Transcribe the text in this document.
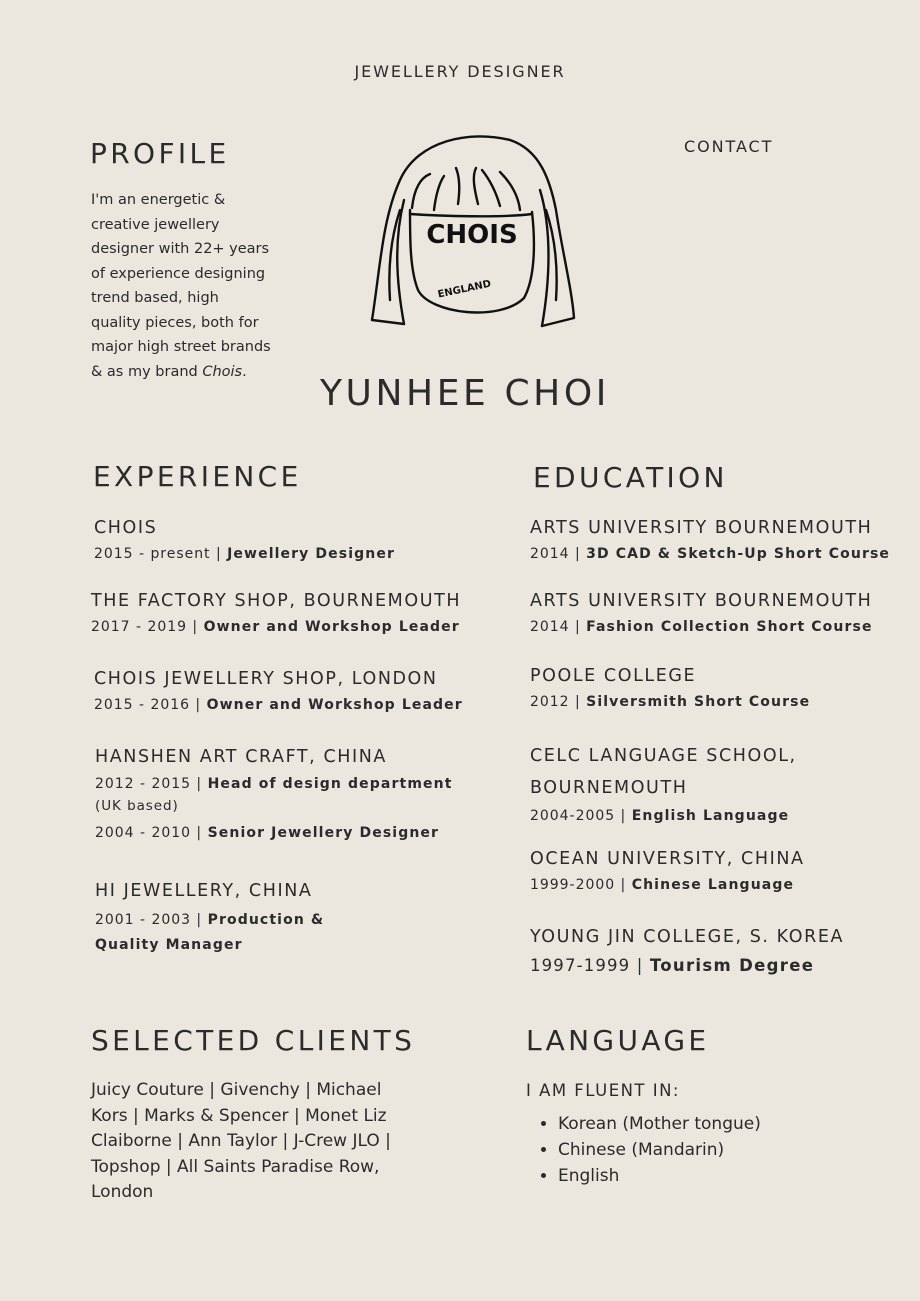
JEWELLERY DESIGNER
PROFILE
I'm an energetic & creative jewellery designer with 22+ years of experience designing trend based, high quality pieces, both for major high street brands & as my brand Chois.
CHOIS
ENGLAND
CONTACT
YUNHEE CHOI
EXPERIENCE
CHOIS
2015 - present | Jewellery Designer
THE FACTORY SHOP, BOURNEMOUTH
2017 - 2019 | Owner and Workshop Leader
CHOIS JEWELLERY SHOP, LONDON
2015 - 2016 | Owner and Workshop Leader
HANSHEN ART CRAFT, CHINA
2012 - 2015 | Head of design department
(UK based)
2004 - 2010 | Senior Jewellery Designer
HI JEWELLERY, CHINA
2001 - 2003 | Production & Quality Manager
EDUCATION
ARTS UNIVERSITY BOURNEMOUTH
2014 | 3D CAD & Sketch-Up Short Course
ARTS UNIVERSITY BOURNEMOUTH
2014 | Fashion Collection Short Course
POOLE COLLEGE
2012 | Silversmith Short Course
CELC LANGUAGE SCHOOL, BOURNEMOUTH
2004-2005 | English Language
OCEAN UNIVERSITY, CHINA
1999-2000 | Chinese Language
YOUNG JIN COLLEGE, S. KOREA
1997-1999 | Tourism Degree
SELECTED CLIENTS
Juicy Couture | Givenchy | Michael Kors | Marks & Spencer | Monet Liz Claiborne | Ann Taylor | J-Crew JLO | Topshop | All Saints Paradise Row, London
LANGUAGE
I AM FLUENT IN:
• Korean (Mother tongue)
• Chinese (Mandarin)
• English
